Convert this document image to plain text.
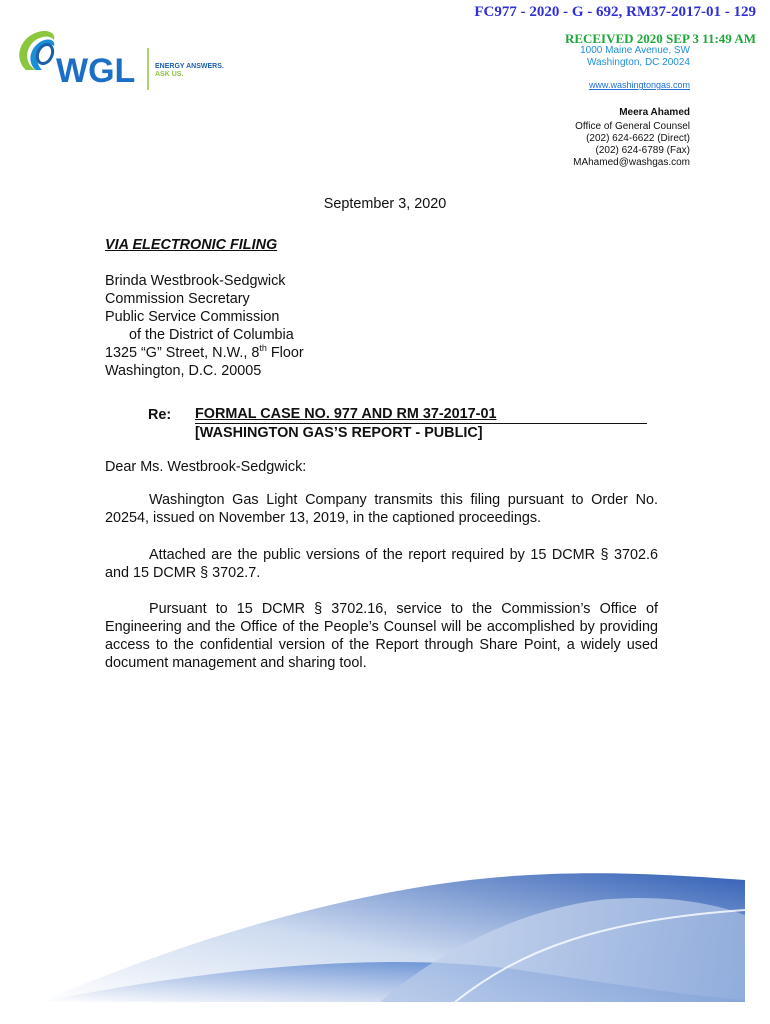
FC977 - 2020 - G - 692, RM37-2017-01 - 129
RECEIVED 2020 SEP 3 11:49 AM
WGL	ENERGY ANSWERS.
ASK US.
1000 Maine Avenue, SW
Washington, DC 20024
www.washingtongas.com
Meera Ahamed
Office of General Counsel
(202) 624-6622 (Direct)
(202) 624-6789 (Fax)
MAhamed@washgas.com
September 3, 2020
VIA ELECTRONIC FILING
Brinda Westbrook-Sedgwick
Commission Secretary
Public Service Commission
of the District of Columbia
1325 “G” Street, N.W., 8th Floor
Washington, D.C. 20005
Re: FORMAL CASE NO. 977 AND RM 37-2017-01
[WASHINGTON GAS’S REPORT - PUBLIC]
Dear Ms. Westbrook-Sedgwick:
Washington Gas Light Company transmits this filing pursuant to Order No. 20254, issued on November 13, 2019, in the captioned proceedings.
Attached are the public versions of the report required by 15 DCMR § 3702.6 and 15 DCMR § 3702.7.
Pursuant to 15 DCMR § 3702.16, service to the Commission’s Office of Engineering and the Office of the People’s Counsel will be accomplished by providing access to the confidential version of the Report through Share Point, a widely used document management and sharing tool.
